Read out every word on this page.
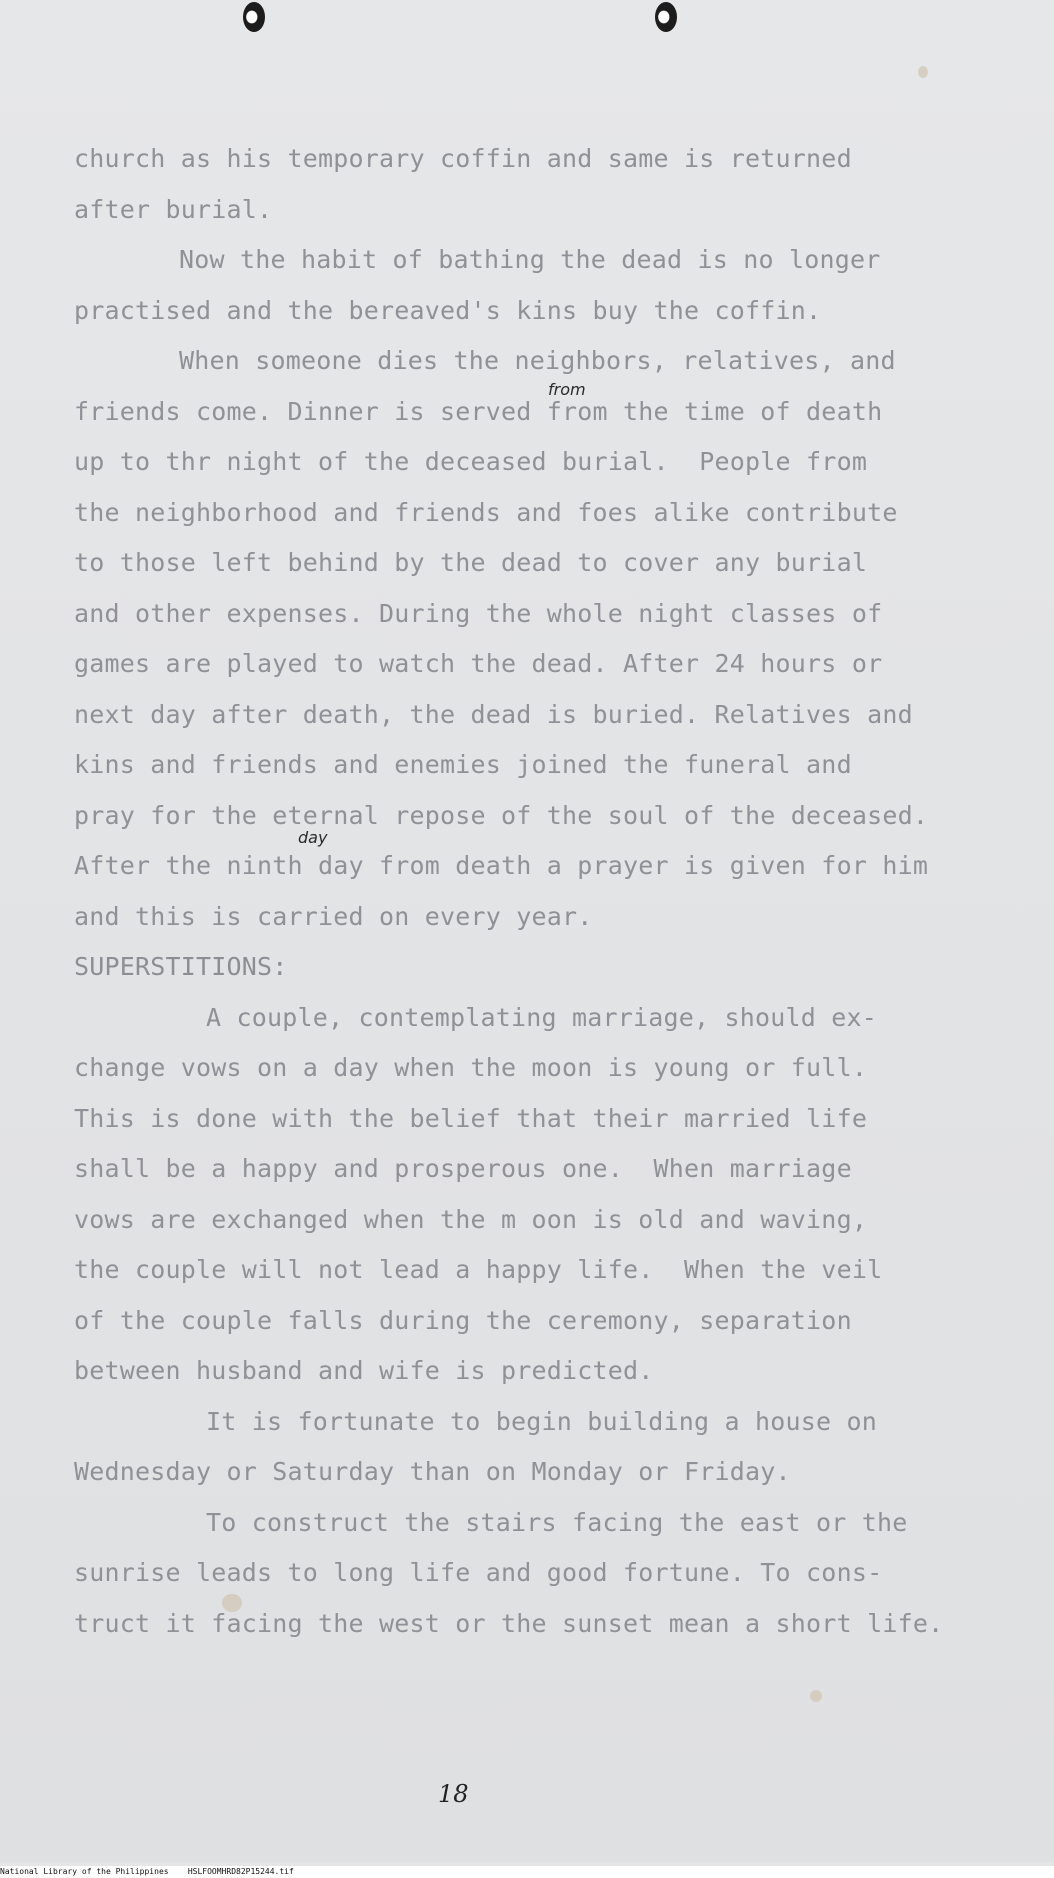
church as his temporary coffin and same is returned
after burial.
Now the habit of bathing the dead is no longer
practised and the bereaved's kins buy the coffin.
When someone dies the neighbors, relatives, and
friends come. Dinner is served from the time of death
up to thr night of the deceased burial.  People from
the neighborhood and friends and foes alike contribute
to those left behind by the dead to cover any burial
and other expenses. During the whole night classes of
games are played to watch the dead. After 24 hours or
next day after death, the dead is buried. Relatives and
kins and friends and enemies joined the funeral and
pray for the eternal repose of the soul of the deceased.
After the ninth day from death a prayer is given for him
and this is carried on every year.
SUPERSTITIONS:
A couple, contemplating marriage, should ex-
change vows on a day when the moon is young or full.
This is done with the belief that their married life
shall be a happy and prosperous one.  When marriage
vows are exchanged when the m oon is old and waving,
the couple will not lead a happy life.  When the veil
of the couple falls during the ceremony, separation
between husband and wife is predicted.
It is fortunate to begin building a house on
Wednesday or Saturday than on Monday or Friday.
To construct the stairs facing the east or the
sunrise leads to long life and good fortune. To cons-
truct it facing the west or the sunset mean a short life.
from
day
18
National Library of the Philippines    HSLFOOMHRD82P15244.tif
